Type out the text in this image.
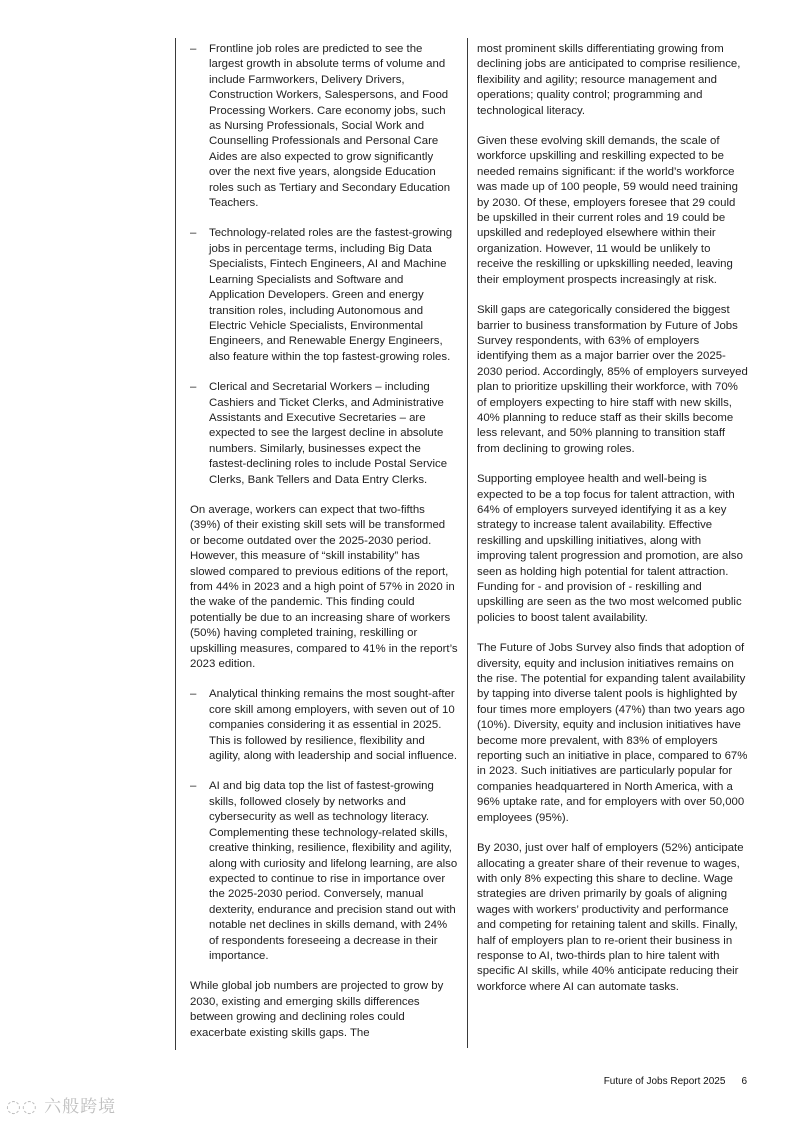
– Frontline job roles are predicted to see the largest growth in absolute terms of volume and include Farmworkers, Delivery Drivers, Construction Workers, Salespersons, and Food Processing Workers. Care economy jobs, such as Nursing Professionals, Social Work and Counselling Professionals and Personal Care Aides are also expected to grow significantly over the next five years, alongside Education roles such as Tertiary and Secondary Education Teachers.
– Technology-related roles are the fastest-growing jobs in percentage terms, including Big Data Specialists, Fintech Engineers, AI and Machine Learning Specialists and Software and Application Developers. Green and energy transition roles, including Autonomous and Electric Vehicle Specialists, Environmental Engineers, and Renewable Energy Engineers, also feature within the top fastest-growing roles.
– Clerical and Secretarial Workers – including Cashiers and Ticket Clerks, and Administrative Assistants and Executive Secretaries – are expected to see the largest decline in absolute numbers. Similarly, businesses expect the fastest-declining roles to include Postal Service Clerks, Bank Tellers and Data Entry Clerks.

On average, workers can expect that two-fifths (39%) of their existing skill sets will be transformed or become outdated over the 2025-2030 period. However, this measure of “skill instability” has slowed compared to previous editions of the report, from 44% in 2023 and a high point of 57% in 2020 in the wake of the pandemic. This finding could potentially be due to an increasing share of workers (50%) having completed training, reskilling or upskilling measures, compared to 41% in the report’s 2023 edition.

– Analytical thinking remains the most sought-after core skill among employers, with seven out of 10 companies considering it as essential in 2025. This is followed by resilience, flexibility and agility, along with leadership and social influence.
– AI and big data top the list of fastest-growing skills, followed closely by networks and cybersecurity as well as technology literacy. Complementing these technology-related skills, creative thinking, resilience, flexibility and agility, along with curiosity and lifelong learning, are also expected to continue to rise in importance over the 2025-2030 period. Conversely, manual dexterity, endurance and precision stand out with notable net declines in skills demand, with 24% of respondents foreseeing a decrease in their importance.

While global job numbers are projected to grow by 2030, existing and emerging skills differences between growing and declining roles could exacerbate existing skills gaps. The

most prominent skills differentiating growing from declining jobs are anticipated to comprise resilience, flexibility and agility; resource management and operations; quality control; programming and technological literacy.

Given these evolving skill demands, the scale of workforce upskilling and reskilling expected to be needed remains significant: if the world’s workforce was made up of 100 people, 59 would need training by 2030. Of these, employers foresee that 29 could be upskilled in their current roles and 19 could be upskilled and redeployed elsewhere within their organization. However, 11 would be unlikely to receive the reskilling or upkskilling needed, leaving their employment prospects increasingly at risk.

Skill gaps are categorically considered the biggest barrier to business transformation by Future of Jobs Survey respondents, with 63% of employers identifying them as a major barrier over the 2025-2030 period. Accordingly, 85% of employers surveyed plan to prioritize upskilling their workforce, with 70% of employers expecting to hire staff with new skills, 40% planning to reduce staff as their skills become less relevant, and 50% planning to transition staff from declining to growing roles.

Supporting employee health and well-being is expected to be a top focus for talent attraction, with 64% of employers surveyed identifying it as a key strategy to increase talent availability. Effective reskilling and upskilling initiatives, along with improving talent progression and promotion, are also seen as holding high potential for talent attraction. Funding for - and provision of - reskilling and upskilling are seen as the two most welcomed public policies to boost talent availability.

The Future of Jobs Survey also finds that adoption of diversity, equity and inclusion initiatives remains on the rise. The potential for expanding talent availability by tapping into diverse talent pools is highlighted by four times more employers (47%) than two years ago (10%). Diversity, equity and inclusion initiatives have become more prevalent, with 83% of employers reporting such an initiative in place, compared to 67% in 2023. Such initiatives are particularly popular for companies headquartered in North America, with a 96% uptake rate, and for employers with over 50,000 employees (95%).

By 2030, just over half of employers (52%) anticipate allocating a greater share of their revenue to wages, with only 8% expecting this share to decline. Wage strategies are driven primarily by goals of aligning wages with workers’ productivity and performance and competing for retaining talent and skills. Finally, half of employers plan to re-orient their business in response to AI, two-thirds plan to hire talent with specific AI skills, while 40% anticipate reducing their workforce where AI can automate tasks.

Future of Jobs Report 2025 6
◌◌ 六般跨境
